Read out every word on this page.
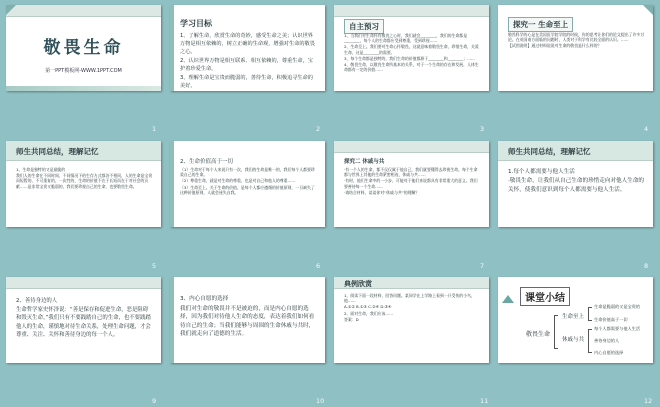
敬畏生命
第一PPT模板网-WWW.1PPT.COM
1
学习目标

1、了解生命，欣赏生命的奇妙，感受生命之美；认识世界万物是相互依赖的，树立正确的生命观，增强对生命的敬畏之心。

2、认识世界万物是相互联系、相互依赖的，尊重生命，宝护着珍爱生命。

3、理解生命是宝贵而脆弱的，善待生命，积极追寻生命的美好。

2
自主预习

1、当我们对生命怀有敬畏之心时，我们就会________，我们的生命都是________，每个人的生命都应受到尊重，受到珍视……

2、生命至上。我们要对生命心怀敬畏，这就意味着敬畏生命，珍惜生命，关爱生命，这是________的需要。

3、每个生命都是独特的，我们生命的价值都源于________和________；……

4、敬畏生命，以敬畏生命所基本的关系，对于一个生命的存在和发展，人体生命都有一定的价值……

3
探究一 生命至上

敬畏科学的心是在美国医学院学院的时候，你的思考让你们的论文提出了许多讨论。在英国南方面临的问题时，人类对于科学有比较全面的认识。……

【试图说明】通过材料说说对生命的敬畏是什么样的？

4
师生共同总结，理解记忆

1、生命是独特的又是最脆的

我们人的生命在不同时间、不同情况下的生存方式都各不相同，人的生命是宝贵而短暂的，不可重复的，一次性的，生命的价值不在于长短而在于对社会的贡献……是非常宝贵又脆弱的，我们要珍视自己的生命，也要敬畏生命。

5
2、生命价值高于一切

（1）生命对于每个人来说只有一次，我们的生命是唯一的，我们每个人都要珍爱自己的生命。

（2）尊重生命，就是对生命的尊重，也是对自己和他人的尊重……

（3）生命至上。关于生命的价值，是每个人都应遵循的价值原则，一旦缺失了这种价值原则，人就会迷失自我。

6
探究二 休戚与共

·有一个人的生命，都不仅仅属于他自己，我们就要懂得去珍视生命。每个生命都与世界上其他的生命紧密相连，休戚与共……

·有时，他们生命中的一小步，可能对于他们来说都具有非常重大的意义。我们要善待每一个生命……

·请结合材料，谈谈你对“休戚与共”的理解？

7
师生共同总结，理解记忆

1.每个人都需要与他人生活

·敬畏生命，让我们从自己生命的珍惜走向对他人生命的关怀，使我们意识到每个人都需要与他人生活。

8

2、善待身边的人

生命哲学家史怀泽说：“善是保存和促进生命，恶是阻碍和毁灭生命。”我们只有不要践踏自己的生命，也不要践踏他人的生命，谨慎地对待生命关系，处理生命问题，才会尊重、关注、关怀和善待身边的每一个人。

9

3、内心自愿的选择

我们对生命的敬畏并不是被迫的，而是内心自愿的选择，因为我们对待他人生命的态度，表达着我们如何看待自己的生命；当我们能够与周围的生命休戚与共时，我们就走向了道德的生活。

10
典例欣赏

1、阅读下面一段材料，回答问题。某同学在上学路上看到一只受伤的小鸟，他……

A.①② B.①③ C.②④ D.③④

2、面对生命，我们应该……

答案：D

11
课堂小结
敬畏生命
生命至上
休戚与共
生命是脆弱的又是宝贵的
生命价值高于一切
每个人都需要与他人生活
善待身边的人
内心自愿的选择
12
